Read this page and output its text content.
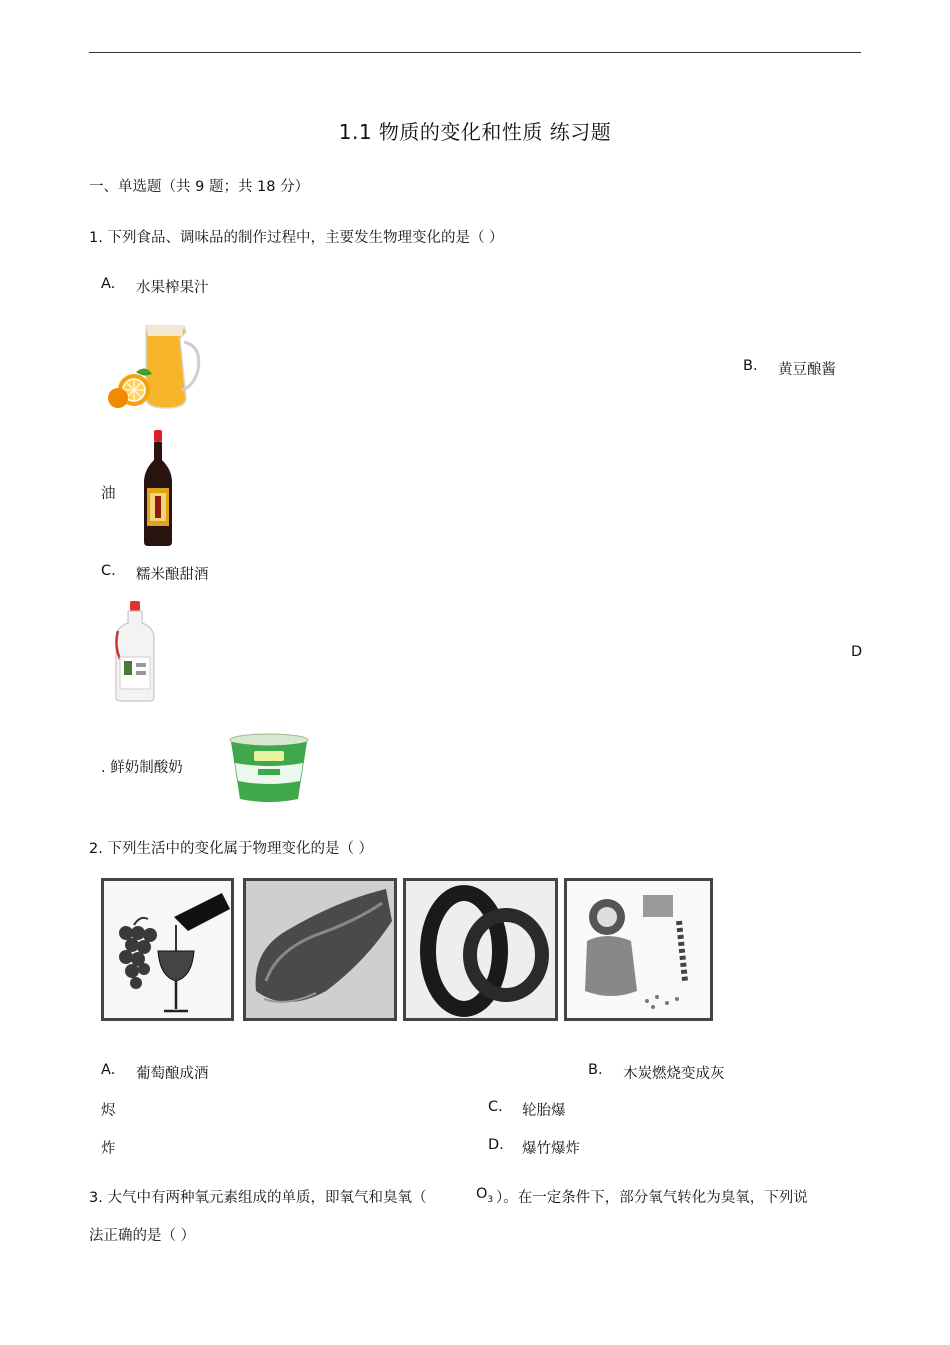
1.1 物质的变化和性质 练习题
一、单选题（共 9 题；共 18 分）
1. 下列食品、调味品的制作过程中，主要发生物理变化的是（ ）
A. 水果榨果汁
B. 黄豆酿酱
油
C. 糯米酿甜酒
D
. 鲜奶制酸奶
2. 下列生活中的变化属于物理变化的是（ ）
A. 葡萄酿成酒	B. 木炭燃烧变成灰
烬	C. 轮胎爆
炸	D. 爆竹爆炸
3. 大气中有两种氧元素组成的单质，即氧气和臭氧（	$O_3$ ）。在一定条件下，部分氧气转化为臭氧，下列说
法正确的是（ ）
